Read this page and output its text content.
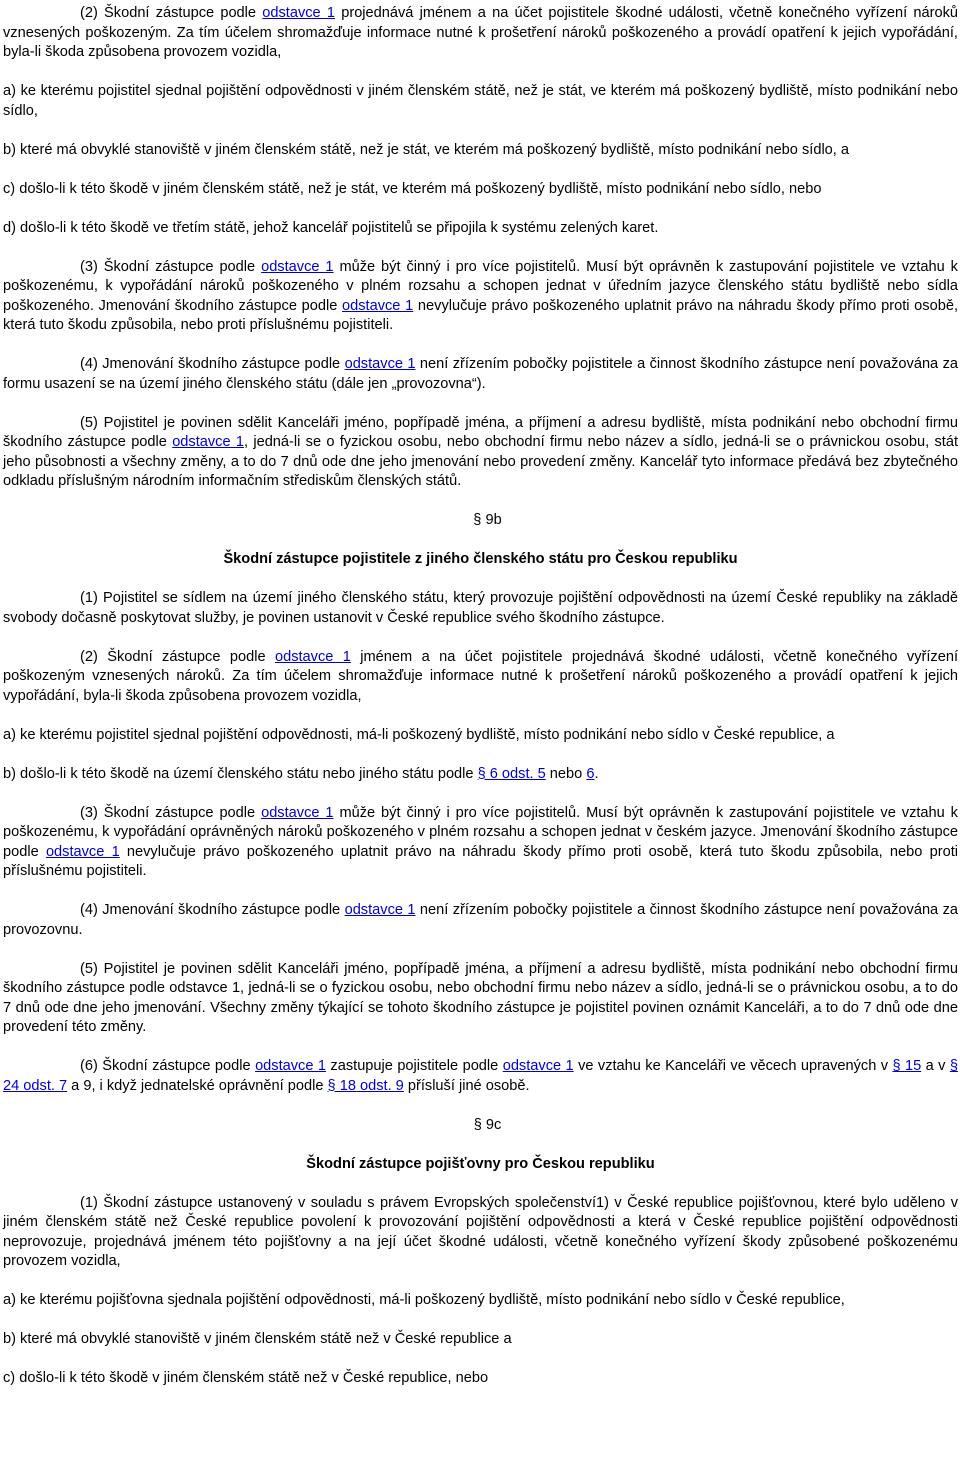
(2) Škodní zástupce podle odstavce 1 projednává jménem a na účet pojistitele škodné události, včetně konečného vyřízení nároků vznesených poškozeným. Za tím účelem shromažďuje informace nutné k prošetření nároků poškozeného a provádí opatření k jejich vypořádání, byla-li škoda způsobena provozem vozidla,

a) ke kterému pojistitel sjednal pojištění odpovědnosti v jiném členském státě, než je stát, ve kterém má poškozený bydliště, místo podnikání nebo sídlo,

b) které má obvyklé stanoviště v jiném členském státě, než je stát, ve kterém má poškozený bydliště, místo podnikání nebo sídlo, a

c) došlo-li k této škodě v jiném členském státě, než je stát, ve kterém má poškozený bydliště, místo podnikání nebo sídlo, nebo

d) došlo-li k této škodě ve třetím státě, jehož kancelář pojistitelů se připojila k systému zelených karet.

(3) Škodní zástupce podle odstavce 1 může být činný i pro více pojistitelů. Musí být oprávněn k zastupování pojistitele ve vztahu k poškozenému, k vypořádání nároků poškozeného v plném rozsahu a schopen jednat v úředním jazyce členského státu bydliště nebo sídla poškozeného. Jmenování škodního zástupce podle odstavce 1 nevylučuje právo poškozeného uplatnit právo na náhradu škody přímo proti osobě, která tuto škodu způsobila, nebo proti příslušnému pojistiteli.

(4) Jmenování škodního zástupce podle odstavce 1 není zřízením pobočky pojistitele a činnost škodního zástupce není považována za formu usazení se na území jiného členského státu (dále jen „provozovna“).

(5) Pojistitel je povinen sdělit Kanceláři jméno, popřípadě jména, a příjmení a adresu bydliště, místa podnikání nebo obchodní firmu škodního zástupce podle odstavce 1, jedná-li se o fyzickou osobu, nebo obchodní firmu nebo název a sídlo, jedná-li se o právnickou osobu, stát jeho působnosti a všechny změny, a to do 7 dnů ode dne jeho jmenování nebo provedení změny. Kancelář tyto informace předává bez zbytečného odkladu příslušným národním informačním střediskům členských států.

§ 9b

Škodní zástupce pojistitele z jiného členského státu pro Českou republiku

(1) Pojistitel se sídlem na území jiného členského státu, který provozuje pojištění odpovědnosti na území České republiky na základě svobody dočasně poskytovat služby, je povinen ustanovit v České republice svého škodního zástupce.

(2) Škodní zástupce podle odstavce 1 jménem a na účet pojistitele projednává škodné události, včetně konečného vyřízení poškozeným vznesených nároků. Za tím účelem shromažďuje informace nutné k prošetření nároků poškozeného a provádí opatření k jejich vypořádání, byla-li škoda způsobena provozem vozidla,

a) ke kterému pojistitel sjednal pojištění odpovědnosti, má-li poškozený bydliště, místo podnikání nebo sídlo v České republice, a

b) došlo-li k této škodě na území členského státu nebo jiného státu podle § 6 odst. 5 nebo 6.

(3) Škodní zástupce podle odstavce 1 může být činný i pro více pojistitelů. Musí být oprávněn k zastupování pojistitele ve vztahu k poškozenému, k vypořádání oprávněných nároků poškozeného v plném rozsahu a schopen jednat v českém jazyce. Jmenování škodního zástupce podle odstavce 1 nevylučuje právo poškozeného uplatnit právo na náhradu škody přímo proti osobě, která tuto škodu způsobila, nebo proti příslušnému pojistiteli.

(4) Jmenování škodního zástupce podle odstavce 1 není zřízením pobočky pojistitele a činnost škodního zástupce není považována za provozovnu.

(5) Pojistitel je povinen sdělit Kanceláři jméno, popřípadě jména, a příjmení a adresu bydliště, místa podnikání nebo obchodní firmu škodního zástupce podle odstavce 1, jedná-li se o fyzickou osobu, nebo obchodní firmu nebo název a sídlo, jedná-li se o právnickou osobu, a to do 7 dnů ode dne jeho jmenování. Všechny změny týkající se tohoto škodního zástupce je pojistitel povinen oznámit Kanceláři, a to do 7 dnů ode dne provedení této změny.

(6) Škodní zástupce podle odstavce 1 zastupuje pojistitele podle odstavce 1 ve vztahu ke Kanceláři ve věcech upravených v § 15 a v § 24 odst. 7 a 9, i když jednatelské oprávnění podle § 18 odst. 9 přísluší jiné osobě.

§ 9c

Škodní zástupce pojišťovny pro Českou republiku

(1) Škodní zástupce ustanovený v souladu s právem Evropských společenství1) v České republice pojišťovnou, které bylo uděleno v jiném členském státě než České republice povolení k provozování pojištění odpovědnosti a která v České republice pojištění odpovědnosti neprovozuje, projednává jménem této pojišťovny a na její účet škodné události, včetně konečného vyřízení škody způsobené poškozenému provozem vozidla,

a) ke kterému pojišťovna sjednala pojištění odpovědnosti, má-li poškozený bydliště, místo podnikání nebo sídlo v České republice,

b) které má obvyklé stanoviště v jiném členském státě než v České republice a

c) došlo-li k této škodě v jiném členském státě než v České republice, nebo
